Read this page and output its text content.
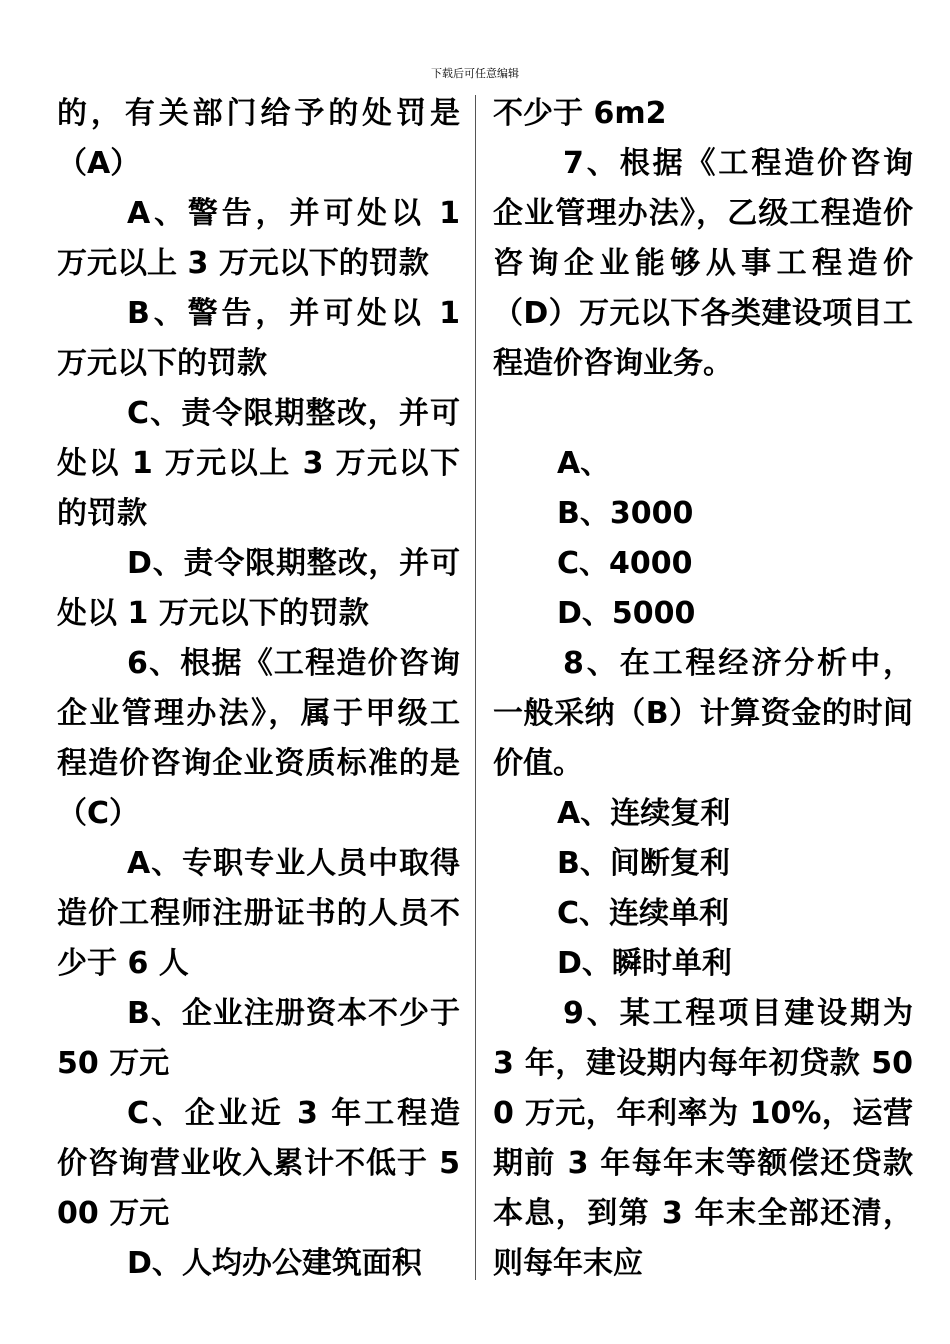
下载后可任意编辑

的，有关部门给予的处罚是（A）

A、警告，并可处以 1 万元以上 3 万元以下的罚款

B、警告，并可处以 1 万元以下的罚款

C、责令限期整改，并可处以 1 万元以上 3 万元以下的罚款

D、责令限期整改，并可处以 1 万元以下的罚款

6、根据《工程造价咨询企业管理办法》，属于甲级工程造价咨询企业资质标准的是（C）

A、专职专业人员中取得造价工程师注册证书的人员不少于 6 人

B、企业注册资本不少于 50 万元

C、企业近 3 年工程造价咨询营业收入累计不低于 500 万元

D、人均办公建筑面积

不少于 6m2

7、根据《工程造价咨询企业管理办法》，乙级工程造价咨询企业能够从事工程造价（D）万元以下各类建设项目工程造价咨询业务。

A、

B、3000

C、4000

D、5000

8、在工程经济分析中，一般采纳（B）计算资金的时间价值。

A、连续复利

B、间断复利

C、连续单利

D、瞬时单利

9、某工程项目建设期为 3 年，建设期内每年初贷款 500 万元，年利率为 10%，运营期前 3 年每年末等额偿还贷款本息，到第 3 年末全部还清，则每年末应
